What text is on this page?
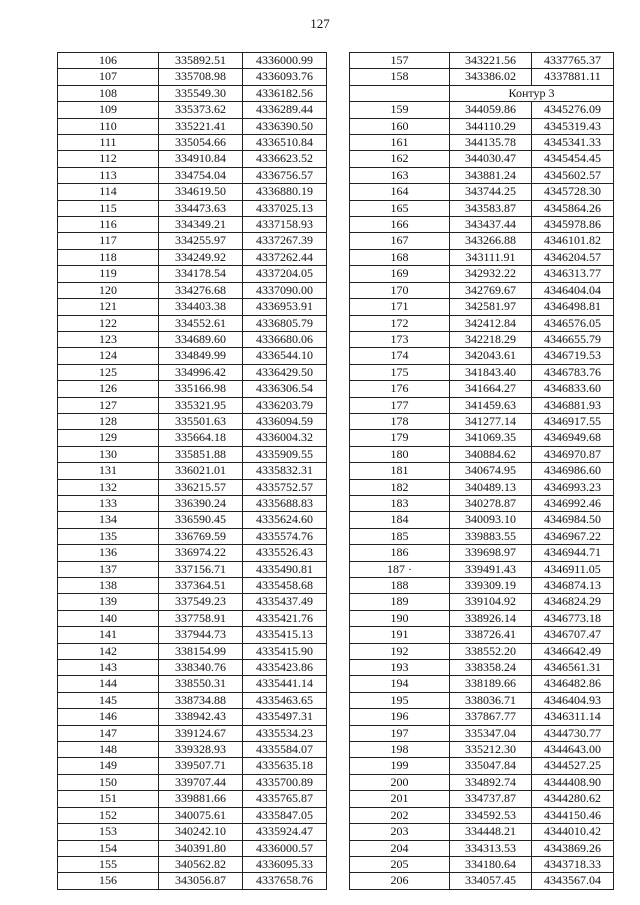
127
106	335892.51	4336000.99
107	335708.98	4336093.76
108	335549.30	4336182.56
109	335373.62	4336289.44
110	335221.41	4336390.50
111	335054.66	4336510.84
112	334910.84	4336623.52
113	334754.04	4336756.57
114	334619.50	4336880.19
115	334473.63	4337025.13
116	334349.21	4337158.93
117	334255.97	4337267.39
118	334249.92	4337262.44
119	334178.54	4337204.05
120	334276.68	4337090.00
121	334403.38	4336953.91
122	334552.61	4336805.79
123	334689.60	4336680.06
124	334849.99	4336544.10
125	334996.42	4336429.50
126	335166.98	4336306.54
127	335321.95	4336203.79
128	335501.63	4336094.59
129	335664.18	4336004.32
130	335851.88	4335909.55
131	336021.01	4335832.31
132	336215.57	4335752.57
133	336390.24	4335688.83
134	336590.45	4335624.60
135	336769.59	4335574.76
136	336974.22	4335526.43
137	337156.71	4335490.81
138	337364.51	4335458.68
139	337549.23	4335437.49
140	337758.91	4335421.76
141	337944.73	4335415.13
142	338154.99	4335415.90
143	338340.76	4335423.86
144	338550.31	4335441.14
145	338734.88	4335463.65
146	338942.43	4335497.31
147	339124.67	4335534.23
148	339328.93	4335584.07
149	339507.71	4335635.18
150	339707.44	4335700.89
151	339881.66	4335765.87
152	340075.61	4335847.05
153	340242.10	4335924.47
154	340391.80	4336000.57
155	340562.82	4336095.33
156	343056.87	4337658.76
157	343221.56	4337765.37
158	343386.02	4337881.11
	Контур 3	
159	344059.86	4345276.09
160	344110.29	4345319.43
161	344135.78	4345341.33
162	344030.47	4345454.45
163	343881.24	4345602.57
164	343744.25	4345728.30
165	343583.87	4345864.26
166	343437.44	4345978.86
167	343266.88	4346101.82
168	343111.91	4346204.57
169	342932.22	4346313.77
170	342769.67	4346404.04
171	342581.97	4346498.81
172	342412.84	4346576.05
173	342218.29	4346655.79
174	342043.61	4346719.53
175	341843.40	4346783.76
176	341664.27	4346833.60
177	341459.63	4346881.93
178	341277.14	4346917.55
179	341069.35	4346949.68
180	340884.62	4346970.87
181	340674.95	4346986.60
182	340489.13	4346993.23
183	340278.87	4346992.46
184	340093.10	4346984.50
185	339883.55	4346967.22
186	339698.97	4346944.71
187 ·	339491.43	4346911.05
188	339309.19	4346874.13
189	339104.92	4346824.29
190	338926.14	4346773.18
191	338726.41	4346707.47
192	338552.20	4346642.49
193	338358.24	4346561.31
194	338189.66	4346482.86
195	338036.71	4346404.93
196	337867.77	4346311.14
197	335347.04	4344730.77
198	335212.30	4344643.00
199	335047.84	4344527.25
200	334892.74	4344408.90
201	334737.87	4344280.62
202	334592.53	4344150.46
203	334448.21	4344010.42
204	334313.53	4343869.26
205	334180.64	4343718.33
206	334057.45	4343567.04
